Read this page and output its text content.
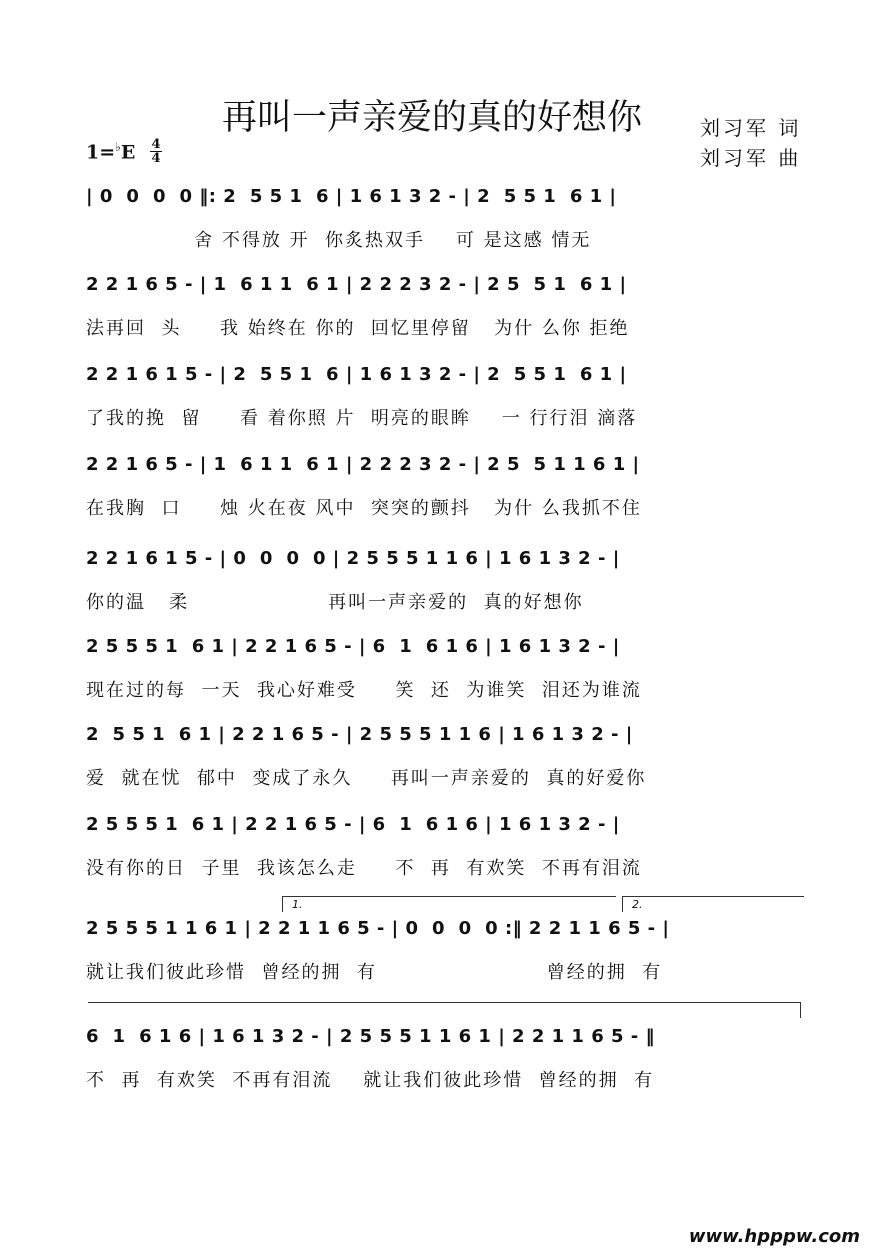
再叫一声亲爱的真的好想你	刘习军 词
刘习军 曲
1=♭E 4
4
| 0  0  0  0 ‖: 2  5 5 1  6 | 1 6 1 3 2 - | 2  5 5 1  6 1 |
舍 不得放 开  你炙热双手    可 是这感 情无
2 2 1 6 5 - | 1  6 1 1  6 1 | 2 2 2 3 2 - | 2 5  5 1  6 1 |
法再回  头     我 始终在 你的  回忆里停留   为什 么你 拒绝
2 2 1 6 1 5 - | 2  5 5 1  6 | 1 6 1 3 2 - | 2  5 5 1  6 1 |
了我的挽  留     看 着你照 片  明亮的眼眸    一 行行泪 滴落
2 2 1 6 5 - | 1  6 1 1  6 1 | 2 2 2 3 2 - | 2 5  5 1 1 6 1 |
在我胸  口     烛 火在夜 风中  突突的颤抖   为什 么我抓不住
2 2 1 6 1 5 - | 0  0  0  0 | 2 5 5 5 1 1 6 | 1 6 1 3 2 - |
你的温   柔                  再叫一声亲爱的  真的好想你
2 5 5 5 1  6 1 | 2 2 1 6 5 - | 6  1  6 1 6 | 1 6 1 3 2 - |
现在过的每  一天  我心好难受     笑  还  为谁笑  泪还为谁流
2  5 5 1  6 1 | 2 2 1 6 5 - | 2 5 5 5 1 1 6 | 1 6 1 3 2 - |
爱  就在忧  郁中  变成了永久     再叫一声亲爱的  真的好爱你
2 5 5 5 1  6 1 | 2 2 1 6 5 - | 6  1  6 1 6 | 1 6 1 3 2 - |
没有你的日  子里  我该怎么走     不  再  有欢笑  不再有泪流
1.	2.
2 5 5 5 1 1 6 1 | 2 2 1 1 6 5 - | 0  0  0  0 :‖ 2 2 1 1 6 5 - |
就让我们彼此珍惜  曾经的拥  有                      曾经的拥  有
6  1  6 1 6 | 1 6 1 3 2 - | 2 5 5 5 1 1 6 1 | 2 2 1 1 6 5 - ‖
不  再  有欢笑  不再有泪流    就让我们彼此珍惜  曾经的拥  有
www.hpppw.com
